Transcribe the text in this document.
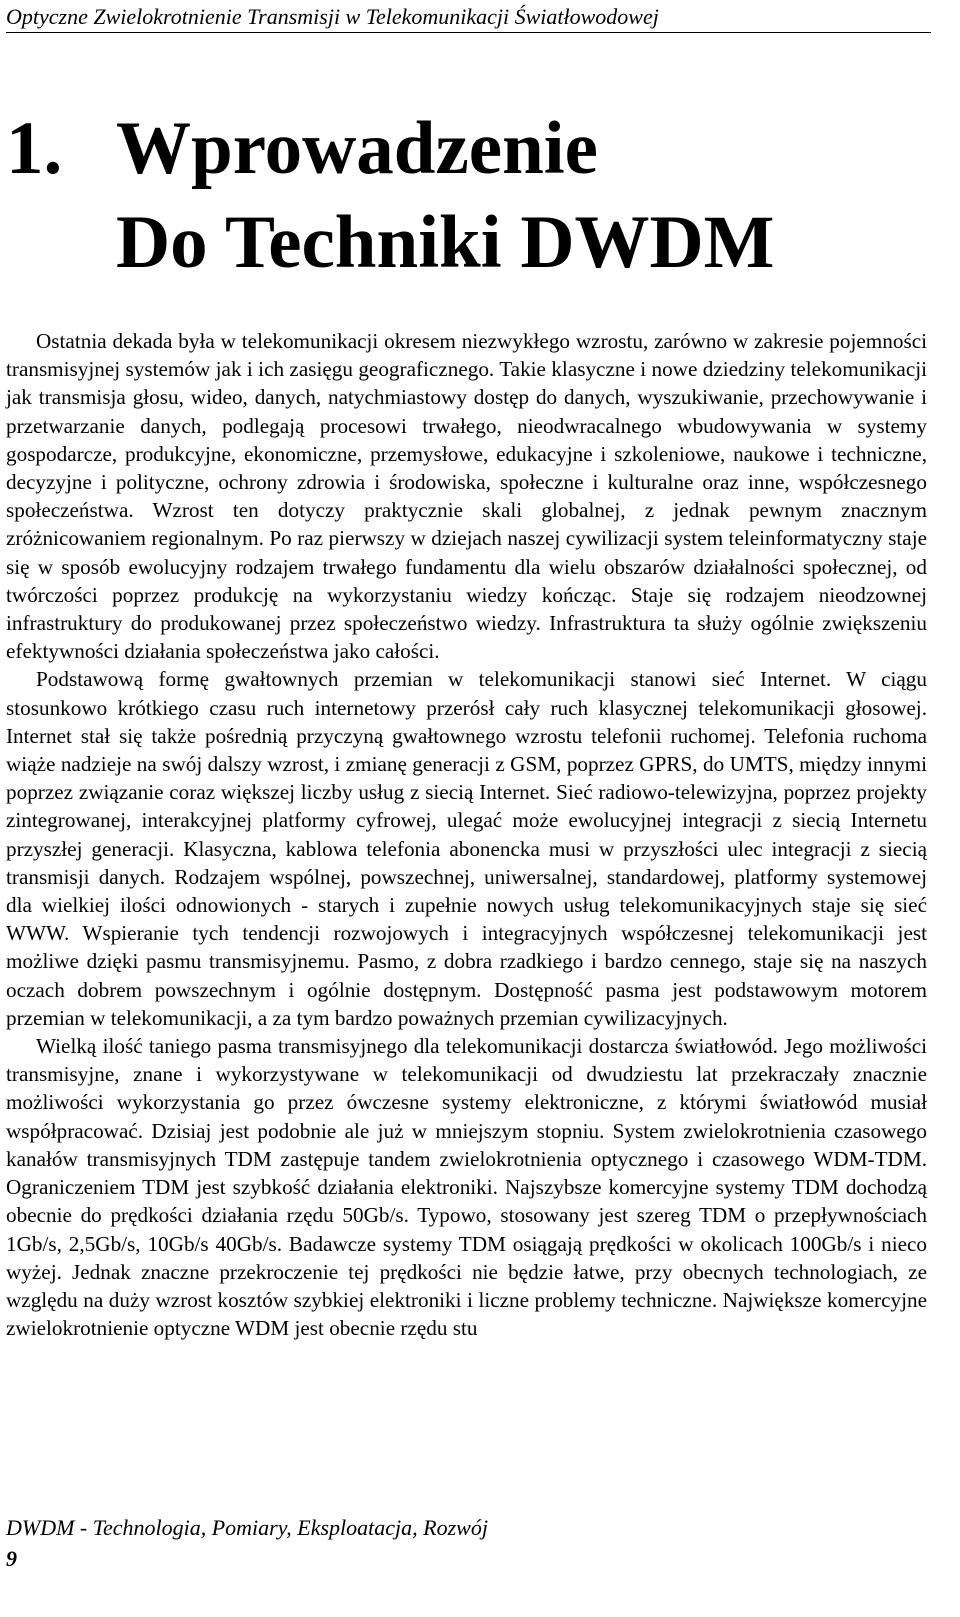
Optyczne Zwielokrotnienie Transmisji w Telekomunikacji Światłowodowej
1. Wprowadzenie
Do Techniki DWDM

Ostatnia dekada była w telekomunikacji okresem niezwykłego wzrostu, zarówno w zakresie pojemności transmisyjnej systemów jak i ich zasięgu geograficznego. Takie klasyczne i nowe dziedziny telekomunikacji jak transmisja głosu, wideo, danych, natychmiastowy dostęp do danych, wyszukiwanie, przechowywanie i przetwarzanie danych, podlegają procesowi trwałego, nieodwracalnego wbudowywania w systemy gospodarcze, produkcyjne, ekonomiczne, przemysłowe, edukacyjne i szkoleniowe, naukowe i techniczne, decyzyjne i polityczne, ochrony zdrowia i środowiska, społeczne i kulturalne oraz inne, współczesnego społeczeństwa. Wzrost ten dotyczy praktycznie skali globalnej, z jednak pewnym znacznym zróżnicowaniem regionalnym. Po raz pierwszy w dziejach naszej cywilizacji system teleinformatyczny staje się w sposób ewolucyjny rodzajem trwałego fundamentu dla wielu obszarów działalności społecznej, od twórczości poprzez produkcję na wykorzystaniu wiedzy kończąc. Staje się rodzajem nieodzownej infrastruktury do produkowanej przez społeczeństwo wiedzy. Infrastruktura ta służy ogólnie zwiększeniu efektywności działania społeczeństwa jako całości.

Podstawową formę gwałtownych przemian w telekomunikacji stanowi sieć Internet. W ciągu stosunkowo krótkiego czasu ruch internetowy przerósł cały ruch klasycznej telekomunikacji głosowej. Internet stał się także pośrednią przyczyną gwałtownego wzrostu telefonii ruchomej. Telefonia ruchoma wiąże nadzieje na swój dalszy wzrost, i zmianę generacji z GSM, poprzez GPRS, do UMTS, między innymi poprzez związanie coraz większej liczby usług z siecią Internet. Sieć radiowo-telewizyjna, poprzez projekty zintegrowanej, interakcyjnej platformy cyfrowej, ulegać może ewolucyjnej integracji z siecią Internetu przyszłej generacji. Klasyczna, kablowa telefonia abonencka musi w przyszłości ulec integracji z siecią transmisji danych. Rodzajem wspólnej, powszechnej, uniwersalnej, standardowej, platformy systemowej dla wielkiej ilości odnowionych - starych i zupełnie nowych usług telekomunikacyjnych staje się sieć WWW. Wspieranie tych tendencji rozwojowych i integracyjnych współczesnej telekomunikacji jest możliwe dzięki pasmu transmisyjnemu. Pasmo, z dobra rzadkiego i bardzo cennego, staje się na naszych oczach dobrem powszechnym i ogólnie dostępnym. Dostępność pasma jest podstawowym motorem przemian w telekomunikacji, a za tym bardzo poważnych przemian cywilizacyjnych.

Wielką ilość taniego pasma transmisyjnego dla telekomunikacji dostarcza światłowód. Jego możliwości transmisyjne, znane i wykorzystywane w telekomunikacji od dwudziestu lat przekraczały znacznie możliwości wykorzystania go przez ówczesne systemy elektroniczne, z którymi światłowód musiał współpracować. Dzisiaj jest podobnie ale już w mniejszym stopniu. System zwielokrotnienia czasowego kanałów transmisyjnych TDM zastępuje tandem zwielokrotnienia optycznego i czasowego WDM-TDM. Ograniczeniem TDM jest szybkość działania elektroniki. Najszybsze komercyjne systemy TDM dochodzą obecnie do prędkości działania rzędu 50Gb/s. Typowo, stosowany jest szereg TDM o przepływnościach 1Gb/s, 2,5Gb/s, 10Gb/s 40Gb/s. Badawcze systemy TDM osiągają prędkości w okolicach 100Gb/s i nieco wyżej. Jednak znaczne przekroczenie tej prędkości nie będzie łatwe, przy obecnych technologiach, ze względu na duży wzrost kosztów szybkiej elektroniki i liczne problemy techniczne. Największe komercyjne zwielokrotnienie optyczne WDM jest obecnie rzędu stu

DWDM - Technologia, Pomiary, Eksploatacja, Rozwój
9
